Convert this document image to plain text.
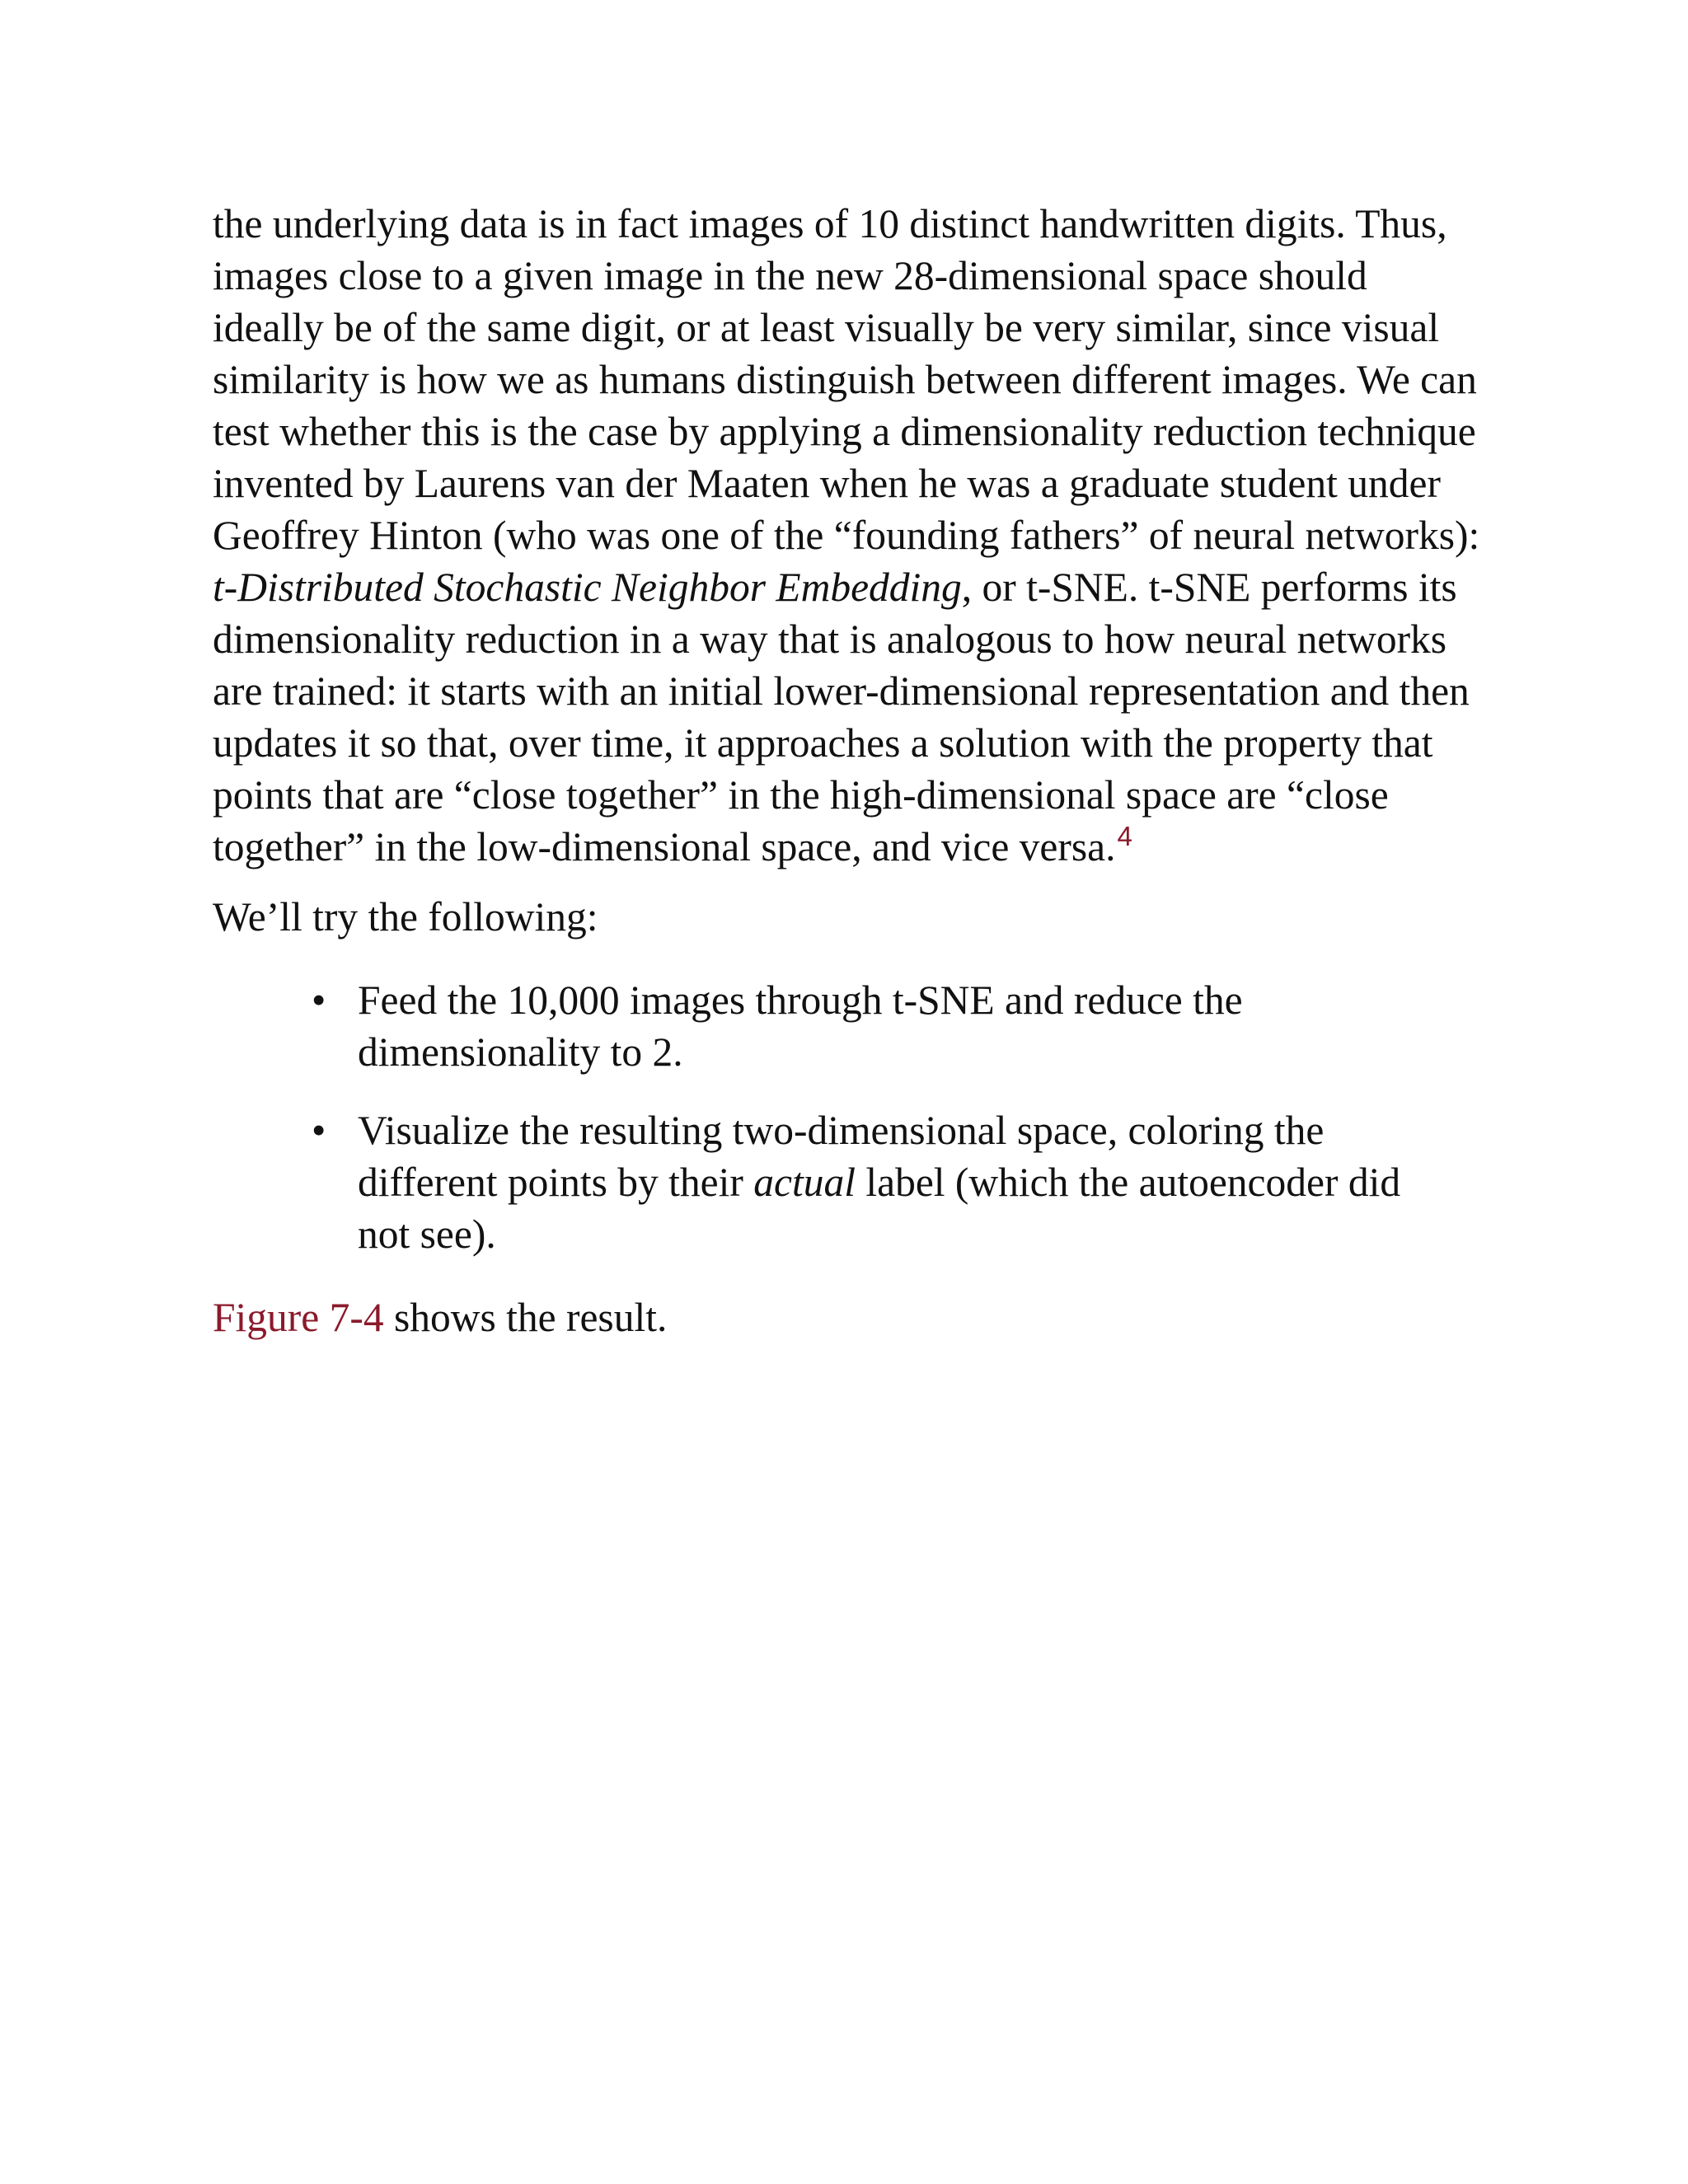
the underlying data is in fact images of 10 distinct handwritten digits. Thus, images close to a given image in the new 28-dimensional space should ideally be of the same digit, or at least visually be very similar, since visual similarity is how we as humans distinguish between different images. We can test whether this is the case by applying a dimensionality reduction technique invented by Laurens van der Maaten when he was a graduate student under Geoffrey Hinton (who was one of the “founding fathers” of neural networks): t-Distributed Stochastic Neighbor Embedding, or t-SNE. t-SNE performs its dimensionality reduction in a way that is analogous to how neural networks are trained: it starts with an initial lower-dimensional representation and then updates it so that, over time, it approaches a solution with the property that points that are “close together” in the high-dimensional space are “close together” in the low-dimensional space, and vice versa.$^4$

We’ll try the following:

• Feed the 10,000 images through t-SNE and reduce the dimensionality to 2.
• Visualize the resulting two-dimensional space, coloring the different points by their actual label (which the autoencoder did not see).

Figure 7-4 shows the result.
